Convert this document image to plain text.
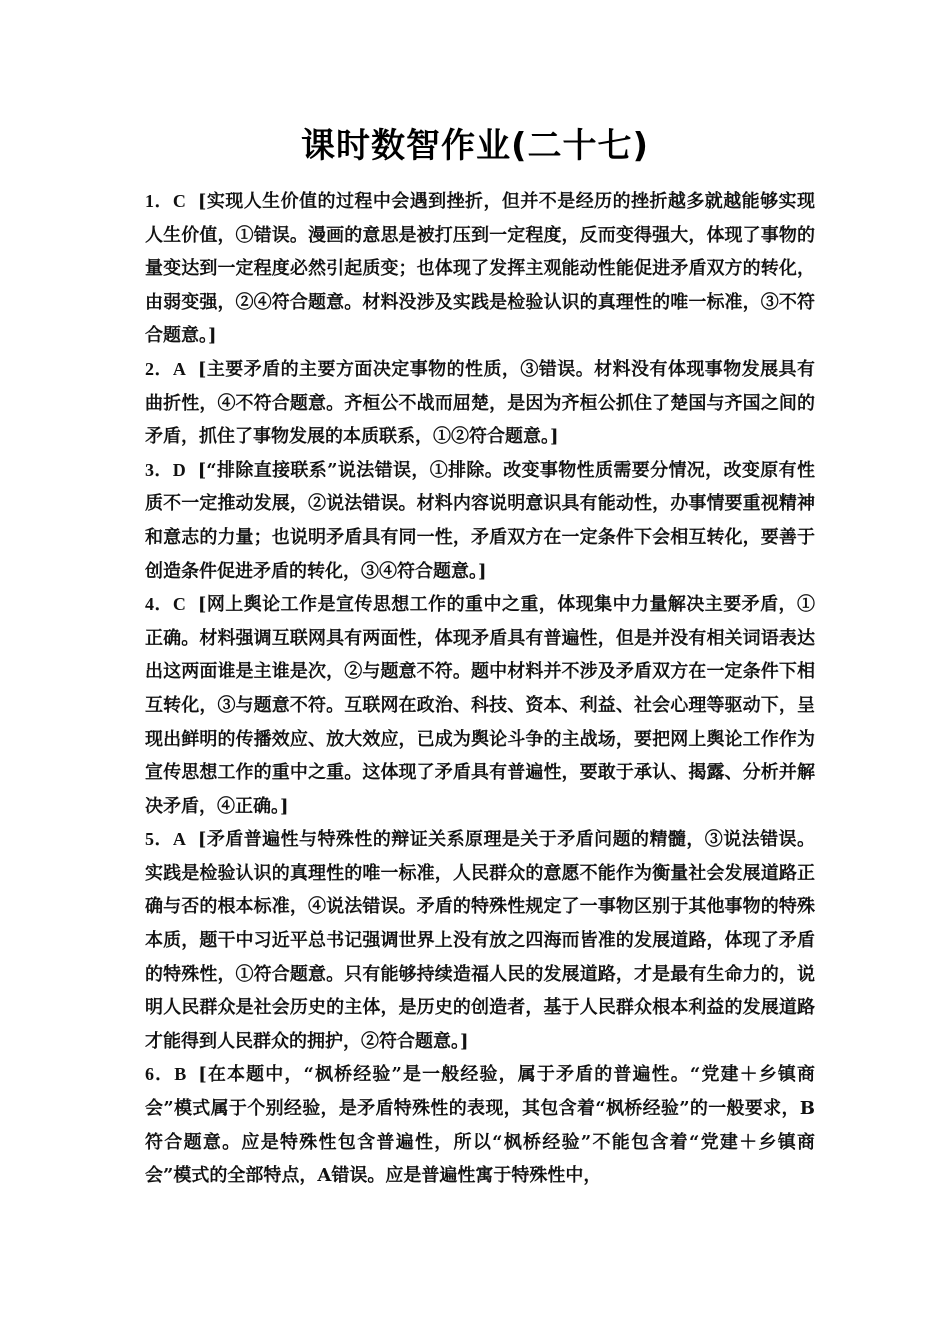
课时数智作业(二十七)

1．C [实现人生价值的过程中会遇到挫折，但并不是经历的挫折越多就越能够实现人生价值，①错误。漫画的意思是被打压到一定程度，反而变得强大，体现了事物的量变达到一定程度必然引起质变；也体现了发挥主观能动性能促进矛盾双方的转化，由弱变强，②④符合题意。材料没涉及实践是检验认识的真理性的唯一标准，③不符合题意。]

2．A [主要矛盾的主要方面决定事物的性质，③错误。材料没有体现事物发展具有曲折性，④不符合题意。齐桓公不战而屈楚，是因为齐桓公抓住了楚国与齐国之间的矛盾，抓住了事物发展的本质联系，①②符合题意。]

3．D [“排除直接联系”说法错误，①排除。改变事物性质需要分情况，改变原有性质不一定推动发展，②说法错误。材料内容说明意识具有能动性，办事情要重视精神和意志的力量；也说明矛盾具有同一性，矛盾双方在一定条件下会相互转化，要善于创造条件促进矛盾的转化，③④符合题意。]

4．C [网上舆论工作是宣传思想工作的重中之重，体现集中力量解决主要矛盾，①正确。材料强调互联网具有两面性，体现矛盾具有普遍性，但是并没有相关词语表达出这两面谁是主谁是次，②与题意不符。题中材料并不涉及矛盾双方在一定条件下相互转化，③与题意不符。互联网在政治、科技、资本、利益、社会心理等驱动下，呈现出鲜明的传播效应、放大效应，已成为舆论斗争的主战场，要把网上舆论工作作为宣传思想工作的重中之重。这体现了矛盾具有普遍性，要敢于承认、揭露、分析并解决矛盾，④正确。]

5．A [矛盾普遍性与特殊性的辩证关系原理是关于矛盾问题的精髓，③说法错误。实践是检验认识的真理性的唯一标准，人民群众的意愿不能作为衡量社会发展道路正确与否的根本标准，④说法错误。矛盾的特殊性规定了一事物区别于其他事物的特殊本质，题干中习近平总书记强调世界上没有放之四海而皆准的发展道路，体现了矛盾的特殊性，①符合题意。只有能够持续造福人民的发展道路，才是最有生命力的，说明人民群众是社会历史的主体，是历史的创造者，基于人民群众根本利益的发展道路才能得到人民群众的拥护，②符合题意。]

6．B [在本题中，“枫桥经验”是一般经验，属于矛盾的普遍性。“党建＋乡镇商会”模式属于个别经验，是矛盾特殊性的表现，其包含着“枫桥经验”的一般要求，B符合题意。应是特殊性包含普遍性，所以“枫桥经验”不能包含着“党建＋乡镇商会”模式的全部特点，A错误。应是普遍性寓于特殊性中，
